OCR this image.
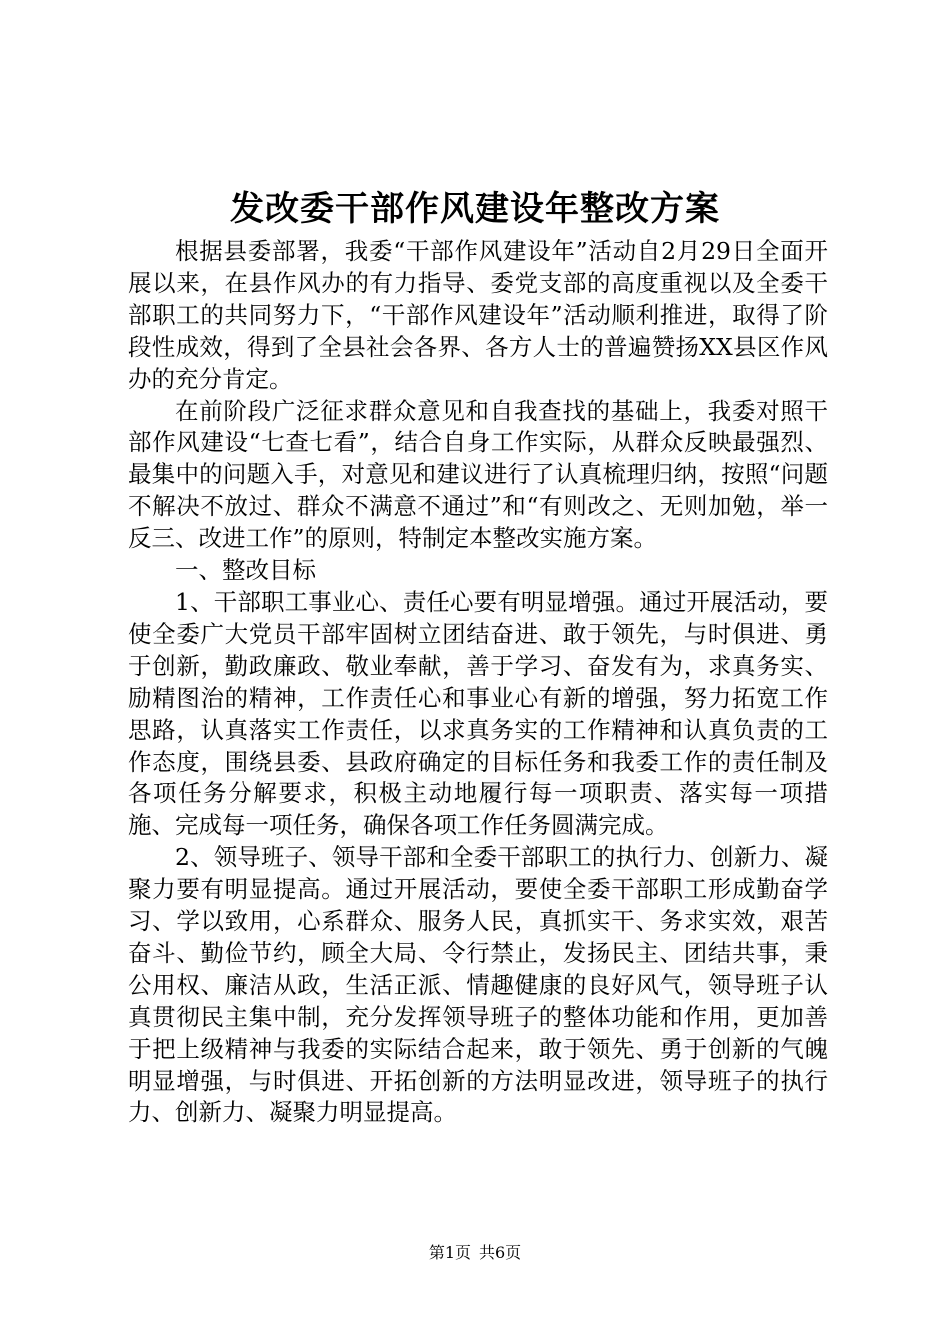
发改委干部作风建设年整改方案

根据县委部署，我委“干部作风建设年”活动自2月29日全面开展以来，在县作风办的有力指导、委党支部的高度重视以及全委干部职工的共同努力下，“干部作风建设年”活动顺利推进，取得了阶段性成效，得到了全县社会各界、各方人士的普遍赞扬XX县区作风办的充分肯定。

在前阶段广泛征求群众意见和自我查找的基础上，我委对照干部作风建设“七查七看”，结合自身工作实际，从群众反映最强烈、最集中的问题入手，对意见和建议进行了认真梳理归纳，按照“问题不解决不放过、群众不满意不通过”和“有则改之、无则加勉，举一反三、改进工作”的原则，特制定本整改实施方案。

一、整改目标

1、干部职工事业心、责任心要有明显增强。通过开展活动，要使全委广大党员干部牢固树立团结奋进、敢于领先，与时俱进、勇于创新，勤政廉政、敬业奉献，善于学习、奋发有为，求真务实、励精图治的精神，工作责任心和事业心有新的增强，努力拓宽工作思路，认真落实工作责任，以求真务实的工作精神和认真负责的工作态度，围绕县委、县政府确定的目标任务和我委工作的责任制及各项任务分解要求，积极主动地履行每一项职责、落实每一项措施、完成每一项任务，确保各项工作任务圆满完成。

2、领导班子、领导干部和全委干部职工的执行力、创新力、凝聚力要有明显提高。通过开展活动，要使全委干部职工形成勤奋学习、学以致用，心系群众、服务人民，真抓实干、务求实效，艰苦奋斗、勤俭节约，顾全大局、令行禁止，发扬民主、团结共事，秉公用权、廉洁从政，生活正派、情趣健康的良好风气，领导班子认真贯彻民主集中制，充分发挥领导班子的整体功能和作用，更加善于把上级精神与我委的实际结合起来，敢于领先、勇于创新的气魄明显增强，与时俱进、开拓创新的方法明显改进，领导班子的执行力、创新力、凝聚力明显提高。

第1页 共6页
